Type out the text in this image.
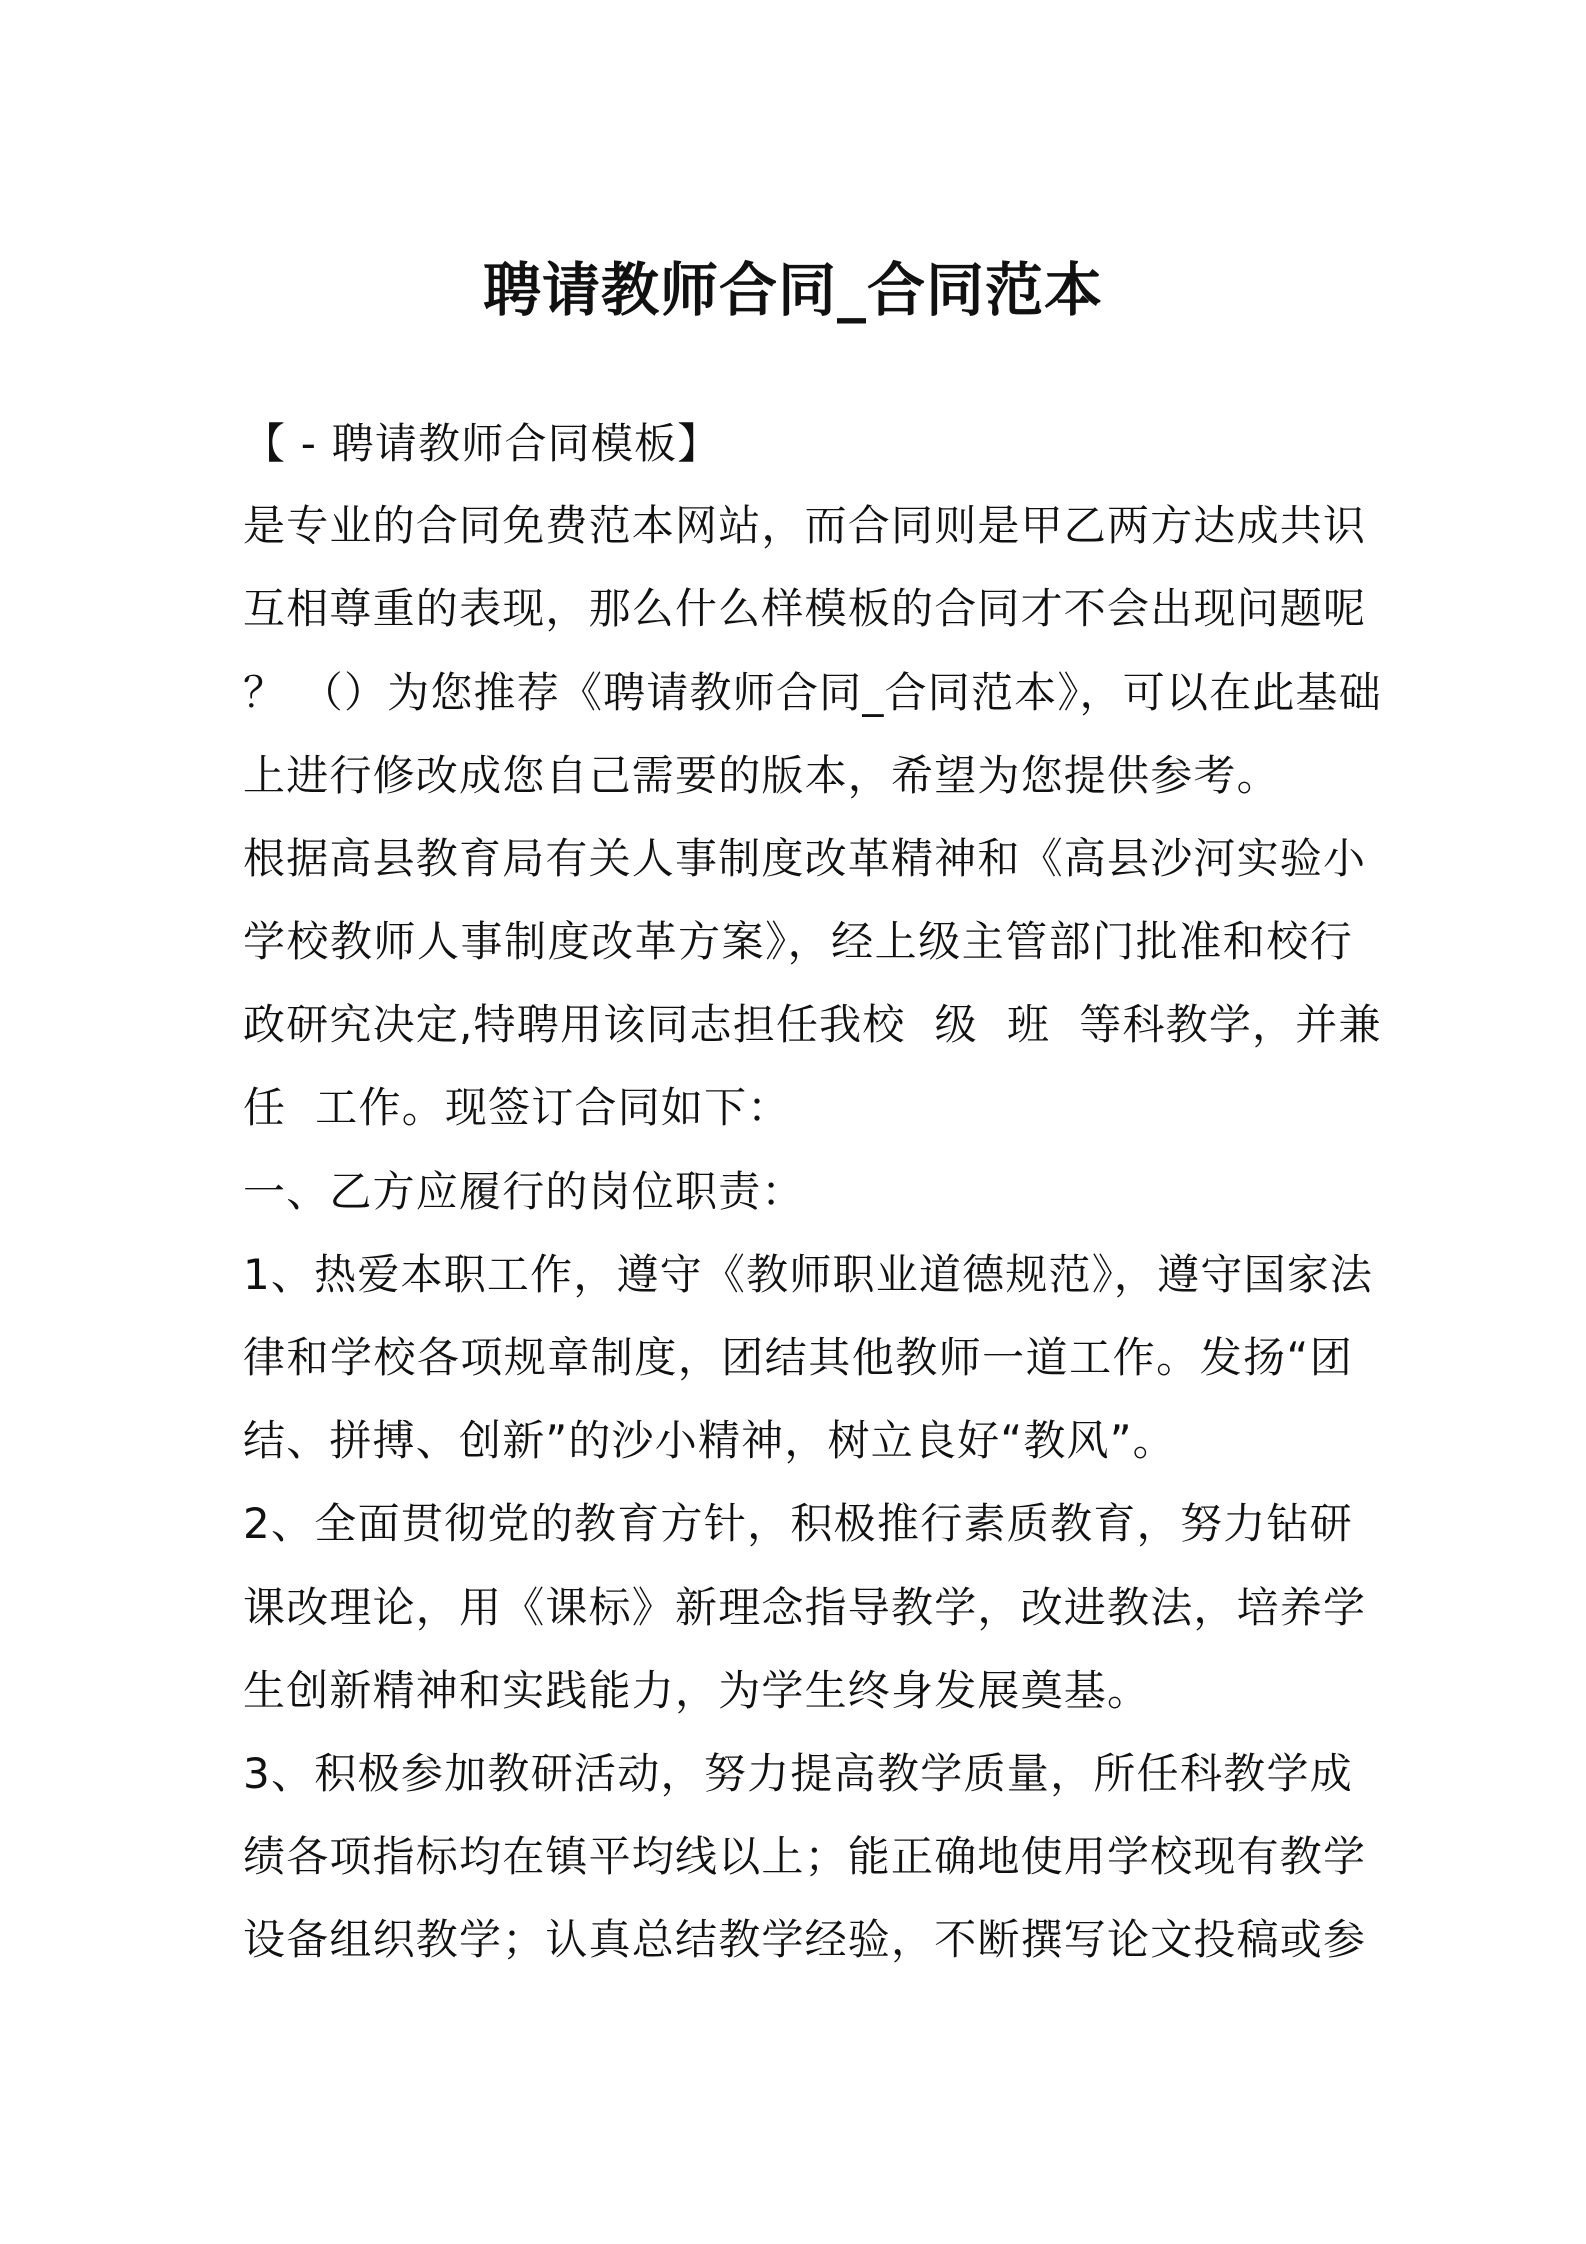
聘请教师合同_合同范本
【 - 聘请教师合同模板】
是专业的合同免费范本网站，而合同则是甲乙两方达成共识
互相尊重的表现，那么什么样模板的合同才不会出现问题呢
？ （）为您推荐《聘请教师合同_合同范本》，可以在此基础
上进行修改成您自己需要的版本，希望为您提供参考。
根据高县教育局有关人事制度改革精神和《高县沙河实验小
学校教师人事制度改革方案》，经上级主管部门批准和校行
政研究决定,特聘用该同志担任我校  级  班  等科教学，并兼
任  工作。现签订合同如下：
一、乙方应履行的岗位职责：
1、热爱本职工作，遵守《教师职业道德规范》，遵守国家法
律和学校各项规章制度，团结其他教师一道工作。发扬“团
结、拼搏、创新”的沙小精神，树立良好“教风”。
2、全面贯彻党的教育方针，积极推行素质教育，努力钻研
课改理论，用《课标》新理念指导教学，改进教法，培养学
生创新精神和实践能力，为学生终身发展奠基。
3、积极参加教研活动，努力提高教学质量，所任科教学成
绩各项指标均在镇平均线以上；能正确地使用学校现有教学
设备组织教学；认真总结教学经验，不断撰写论文投稿或参
